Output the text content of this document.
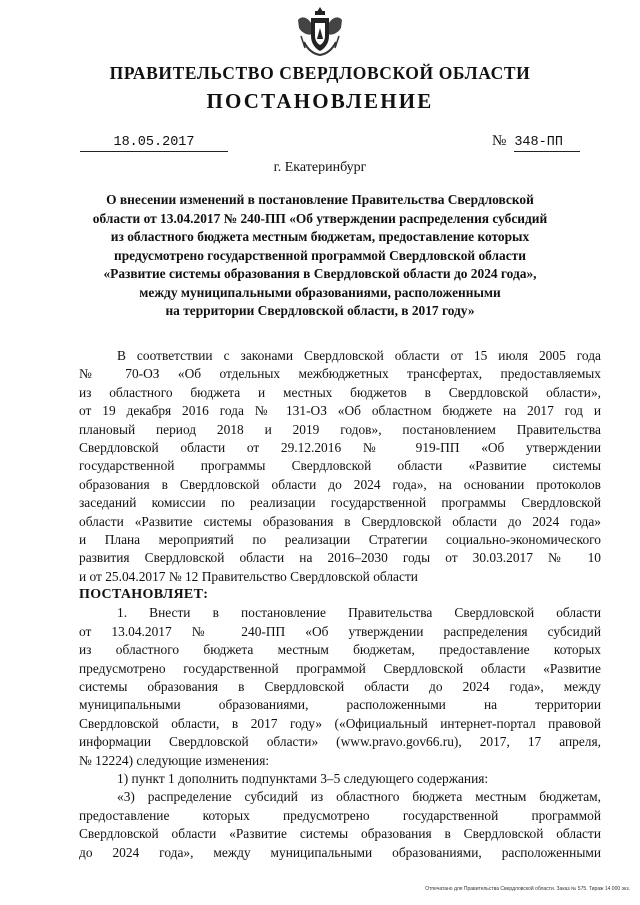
ПРАВИТЕЛЬСТВО СВЕРДЛОВСКОЙ ОБЛАСТИ
ПОСТАНОВЛЕНИЕ
18.05.2017	№ 348-ПП
г. Екатеринбург
О внесении изменений в постановление Правительства Свердловской
области от 13.04.2017 № 240-ПП «Об утверждении распределения субсидий
из областного бюджета местным бюджетам, предоставление которых
предусмотрено государственной программой Свердловской области
«Развитие системы образования в Свердловской области до 2024 года»,
между муниципальными образованиями, расположенными
на территории Свердловской области, в 2017 году»
В соответствии с законами Свердловской области от 15 июля 2005 года
№ 70-ОЗ «Об отдельных межбюджетных трансфертах, предоставляемых
из областного бюджета и местных бюджетов в Свердловской области»,
от 19 декабря 2016 года № 131-ОЗ «Об областном бюджете на 2017 год и
плановый период 2018 и 2019 годов», постановлением Правительства
Свердловской области от 29.12.2016 № 919-ПП «Об утверждении
государственной программы Свердловской области «Развитие системы
образования в Свердловской области до 2024 года», на основании протоколов
заседаний комиссии по реализации государственной программы Свердловской
области «Развитие системы образования в Свердловской области до 2024 года»
и Плана мероприятий по реализации Стратегии социально-экономического
развития Свердловской области на 2016–2030 годы от 30.03.2017 № 10
и от 25.04.2017 № 12 Правительство Свердловской области
ПОСТАНОВЛЯЕТ:
1. Внести в постановление Правительства Свердловской области
от 13.04.2017 № 240-ПП «Об утверждении распределения субсидий
из областного бюджета местным бюджетам, предоставление которых
предусмотрено государственной программой Свердловской области «Развитие
системы образования в Свердловской области до 2024 года», между
муниципальными образованиями, расположенными на территории
Свердловской области, в 2017 году» («Официальный интернет-портал правовой
информации Свердловской области» (www.pravo.gov66.ru), 2017, 17 апреля,
№ 12224) следующие изменения:
1) пункт 1 дополнить подпунктами 3–5 следующего содержания:
«3) распределение субсидий из областного бюджета местным бюджетам,
предоставление которых предусмотрено государственной программой
Свердловской области «Развитие системы образования в Свердловской области
до 2024 года», между муниципальными образованиями, расположенными
Отпечатано для Правительства Свердловской области. Заказ № 575. Тираж 14 000 экз.
